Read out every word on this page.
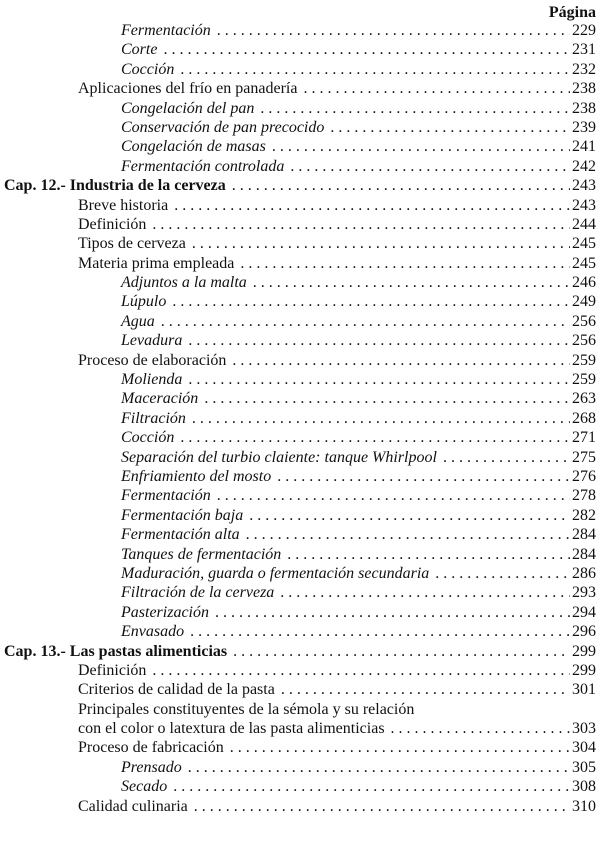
Página
Fermentación . . .	229
Corte . . .	231
Cocción . . .	232
Aplicaciones del frío en panadería . . .	238
Congelación del pan . . .	238
Conservación de pan precocido . . .	239
Congelación de masas . . .	241
Fermentación controlada . . .	242
Cap. 12.- Industria de la cerveza . . .	243
Breve historia . . .	243
Definición . . .	244
Tipos de cerveza . . .	245
Materia prima empleada . . .	245
Adjuntos a la malta . . .	246
Lúpulo . . .	249
Agua . . .	256
Levadura . . .	256
Proceso de elaboración . . .	259
Molienda . . .	259
Maceración . . .	263
Filtración . . .	268
Cocción . . .	271
Separación del turbio claiente: tanque Whirlpool . . .	275
Enfriamiento del mosto . . .	276
Fermentación . . .	278
Fermentación baja . . .	282
Fermentación alta . . .	284
Tanques de fermentación . . .	284
Maduración, guarda o fermentación secundaria . . .	286
Filtración de la cerveza . . .	293
Pasterización . . .	294
Envasado . . .	296
Cap. 13.- Las pastas alimenticias . . .	299
Definición . . .	299
Criterios de calidad de la pasta . . .	301
Principales constituyentes de la sémola y su relación
con el color o latextura de las pasta alimenticias . . .	303
Proceso de fabricación . . .	304
Prensado . . .	305
Secado . . .	308
Calidad culinaria . . .	310
